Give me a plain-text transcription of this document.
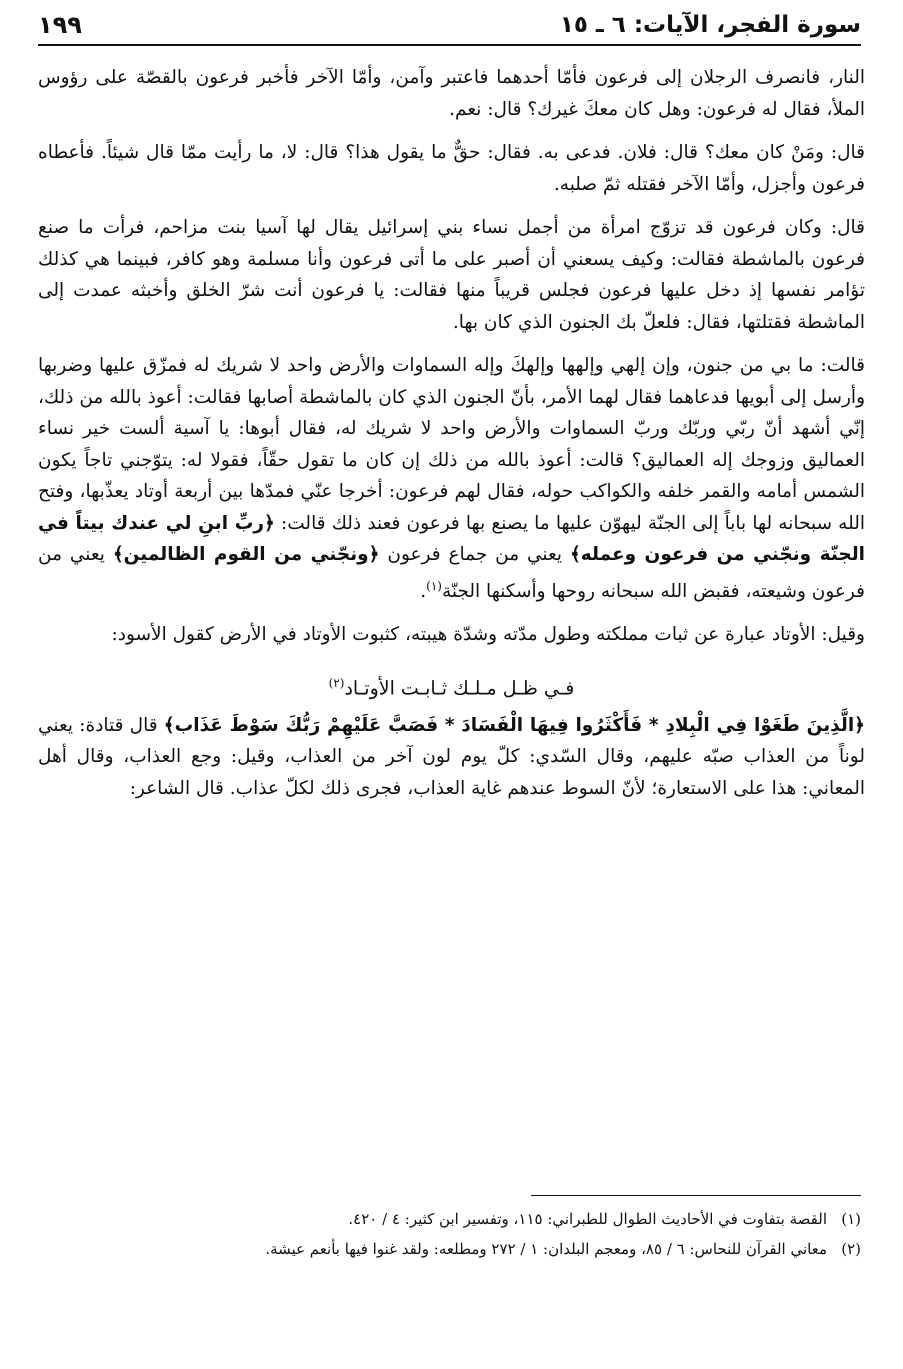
سورة الفجر، الآيات: ٦ ـ ١٥
١٩٩

النار، فانصرف الرجلان إلى فرعون فأمّا أحدهما فاعتبر وآمن، وأمّا الآخر فأخبر فرعون بالقصّة على رؤوس الملأ، فقال له فرعون: وهل كان معكَ غيرك؟ قال: نعم.

قال: ومَنْ كان معك؟ قال: فلان. فدعى به. فقال: حقٌّ ما يقول هذا؟ قال: لا، ما رأيت ممّا قال شيئاً. فأعطاه فرعون وأجزل، وأمّا الآخر فقتله ثمّ صلبه.

قال: وكان فرعون قد تزوّج امرأة من أجمل نساء بني إسرائيل يقال لها آسيا بنت مزاحم، فرأت ما صنع فرعون بالماشطة فقالت: وكيف يسعني أن أصبر على ما أتى فرعون وأنا مسلمة وهو كافر، فبينما هي كذلك تؤامر نفسها إذ دخل عليها فرعون فجلس قريباً منها فقالت: يا فرعون أنت شرّ الخلق وأخبثه عمدت إلى الماشطة فقتلتها، فقال: فلعلّ بك الجنون الذي كان بها.

قالت: ما بي من جنون، وإن إلهي وإلهها وإلهكَ وإله السماوات والأرض واحد لا شريك له فمزّق عليها وضربها وأرسل إلى أبويها فدعاهما فقال لهما الأمر، بأنّ الجنون الذي كان بالماشطة أصابها فقالت: أعوذ بالله من ذلك، إنّي أشهد أنّ ربّي وربّك وربّ السماوات والأرض واحد لا شريك له، فقال أبوها: يا آسية ألست خير نساء العماليق وزوجك إله العماليق؟ قالت: أعوذ بالله من ذلك إن كان ما تقول حقّاً، فقولا له: يتوّجني تاجاً يكون الشمس أمامه والقمر خلفه والكواكب حوله، فقال لهم فرعون: أخرجا عنّي فمدّها بين أربعة أوتاد يعذّبها، وفتح الله سبحانه لها باباً إلى الجنّة ليهوّن عليها ما يصنع بها فرعون فعند ذلك قالت: ﴿ربِّ ابنِ لي عندك بيتاً في الجنّة ونجّني من فرعون وعمله﴾ يعني من جماع فرعون ﴿ونجّني من القوم الظالمين﴾ يعني من فرعون وشيعته، فقبض الله سبحانه روحها وأسكنها الجنّة$^{(١)}$.

وقيل: الأوتاد عبارة عن ثبات مملكته وطول مدّته وشدّة هيبته، كثبوت الأوتاد في الأرض كقول الأسود:

فـي ظـل مـلـك ثـابـت الأوتـاد$^{(٢)}$

﴿الَّذِينَ طَغَوْا فِي الْبِلادِ * فَأَكْثَرُوا فِيهَا الْفَسَادَ * فَصَبَّ عَلَيْهِمْ رَبُّكَ سَوْطَ عَذَاب﴾ قال قتادة: يعني لوناً من العذاب صبّه عليهم، وقال السّدي: كلّ يوم لون آخر من العذاب، وقيل: وجع العذاب، وقال أهل المعاني: هذا على الاستعارة؛ لأنّ السوط عندهم غاية العذاب، فجرى ذلك لكلّ عذاب. قال الشاعر:

(١)
القصة بتفاوت في الأحاديث الطوال للطبراني: ١١٥، وتفسير ابن كثير: ٤ / ٤٢٠.
(٢)
معاني القرآن للنحاس: ٦ / ٨٥، ومعجم البلدان: ١ / ٢٧٢ ومطلعه: ولقد غنوا فيها بأنعم عيشة.
